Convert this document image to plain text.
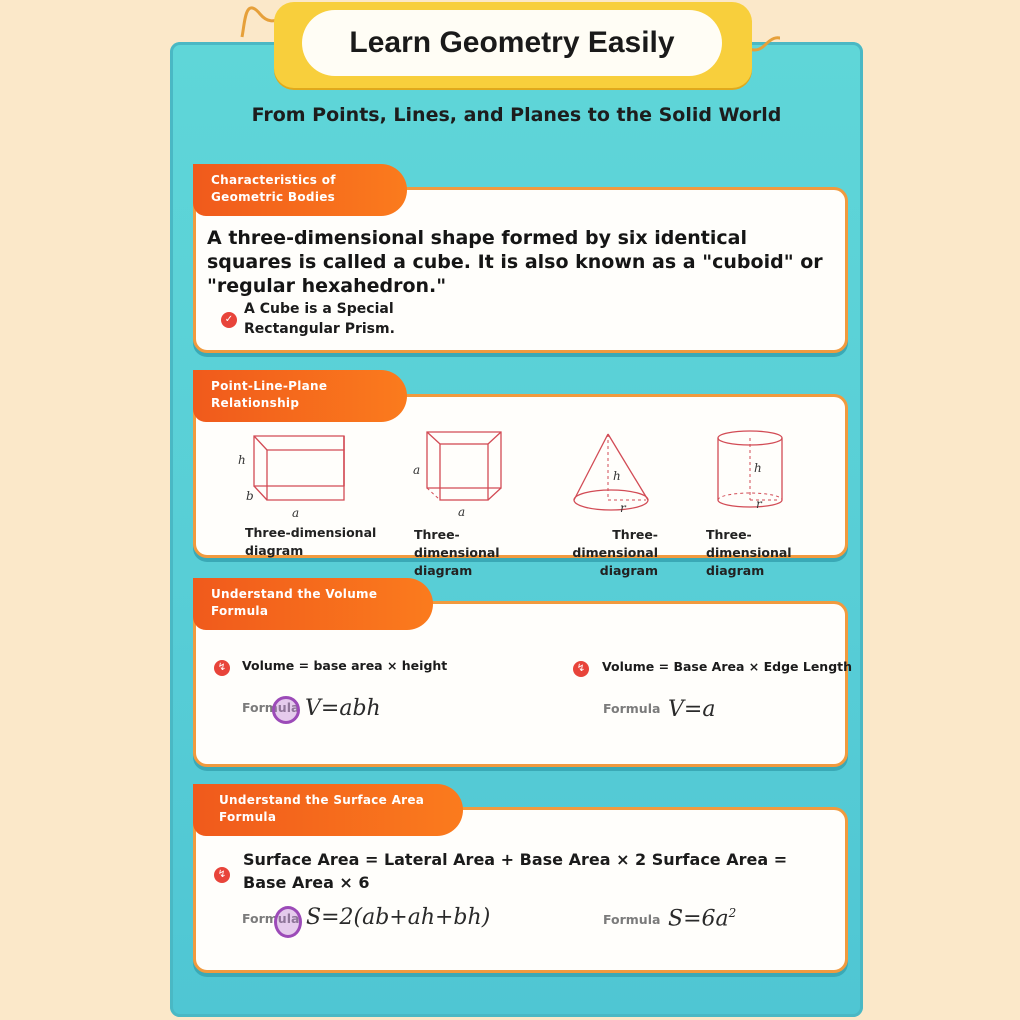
Learn Geometry Easily
From Points, Lines, and Planes to the Solid World
Characteristics of
Geometric Bodies
A three-dimensional shape formed by six identical
squares is called a cube. It is also known as a "cuboid" or
"regular hexahedron."
✓
A Cube is a Special
Rectangular Prism.
Point-Line-Plane
Relationship
h
b
a
Three-dimensional
diagram
a
a
Three-
dimensional
diagram
h
r
Three-
dimensional
diagram
h
r
Three-
dimensional
diagram
Understand the Volume
Formula
↯	Volume = base area × height	↯	Volume = Base Area × Edge Length
Formula V=abh	Formula V=a
Understand the Surface Area
Formula
↯
Surface Area = Lateral Area + Base Area × 2 Surface Area =
Base Area × 6
Formula S=2(ab+ah+bh)	Formula $S=6a^2$
